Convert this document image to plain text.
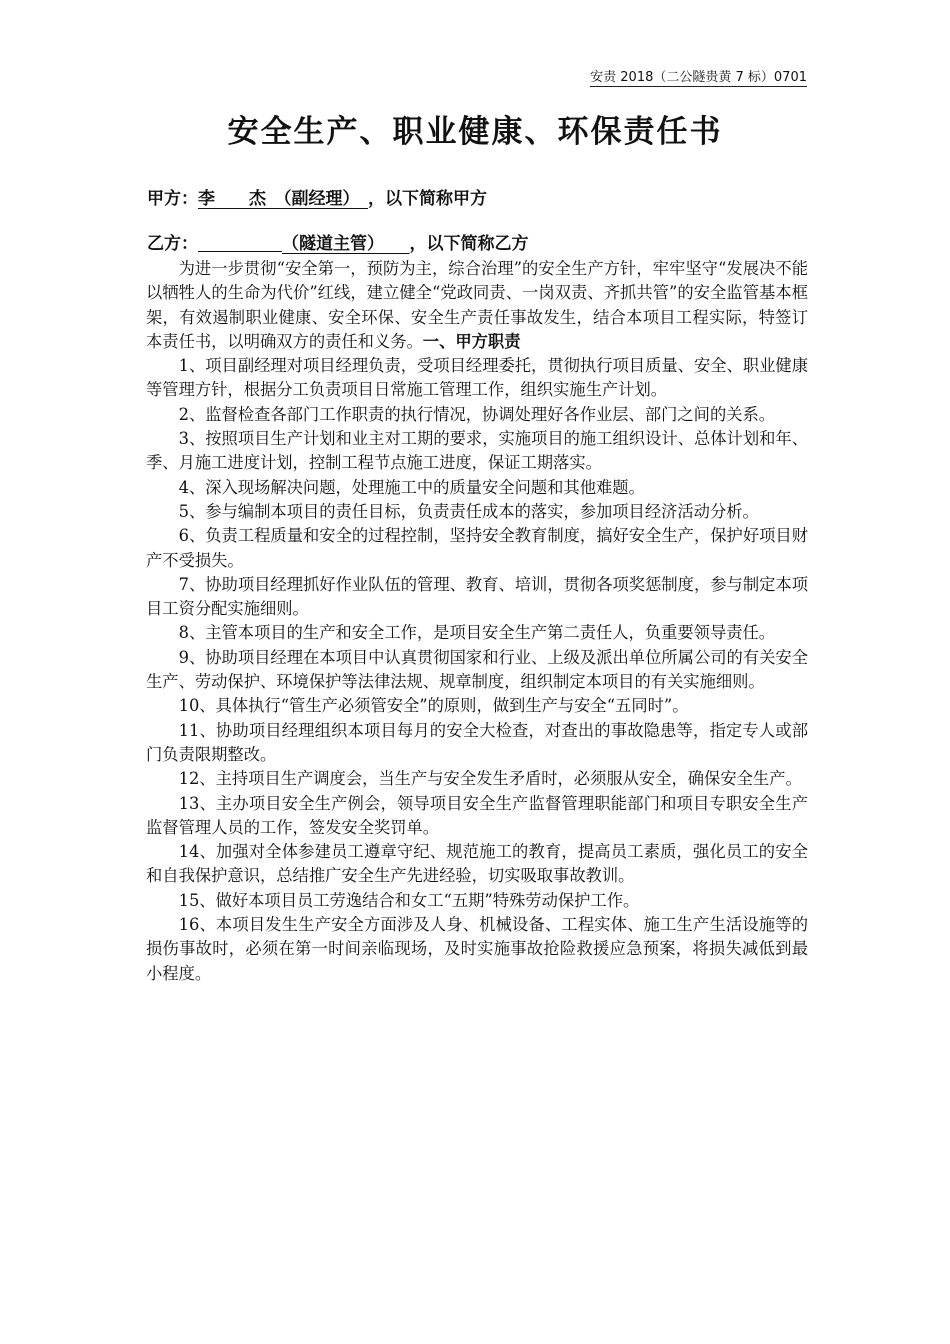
安责 2018（二公隧贵黄 7 标）0701
安全生产、职业健康、环保责任书
甲方：李　　杰　 （副经理）　 ，以下简称甲方
乙方：	（隧道主管）　　 ，以下简称乙方

为进一步贯彻“安全第一，预防为主，综合治理”的安全生产方针，牢牢坚守“发展决不能以牺牲人的生命为代价”红线，建立健全“党政同责、一岗双责、齐抓共管”的安全监管基本框架，有效遏制职业健康、安全环保、安全生产责任事故发生，结合本项目工程实际，特签订本责任书，以明确双方的责任和义务。一、甲方职责

1、项目副经理对项目经理负责，受项目经理委托，贯彻执行项目质量、安全、职业健康等管理方针，根据分工负责项目日常施工管理工作，组织实施生产计划。

2、监督检查各部门工作职责的执行情况，协调处理好各作业层、部门之间的关系。

3、按照项目生产计划和业主对工期的要求，实施项目的施工组织设计、总体计划和年、季、月施工进度计划，控制工程节点施工进度，保证工期落实。

4、深入现场解决问题，处理施工中的质量安全问题和其他难题。

5、参与编制本项目的责任目标，负责责任成本的落实，参加项目经济活动分析。

6、负责工程质量和安全的过程控制，坚持安全教育制度，搞好安全生产，保护好项目财产不受损失。

7、协助项目经理抓好作业队伍的管理、教育、培训，贯彻各项奖惩制度，参与制定本项目工资分配实施细则。

8、主管本项目的生产和安全工作，是项目安全生产第二责任人，负重要领导责任。

9、协助项目经理在本项目中认真贯彻国家和行业、上级及派出单位所属公司的有关安全生产、劳动保护、环境保护等法律法规、规章制度，组织制定本项目的有关实施细则。

10、具体执行“管生产必须管安全”的原则，做到生产与安全“五同时”。

11、协助项目经理组织本项目每月的安全大检查，对查出的事故隐患等，指定专人或部门负责限期整改。

12、主持项目生产调度会，当生产与安全发生矛盾时，必须服从安全，确保安全生产。

13、主办项目安全生产例会，领导项目安全生产监督管理职能部门和项目专职安全生产监督管理人员的工作，签发安全奖罚单。

14、加强对全体参建员工遵章守纪、规范施工的教育，提高员工素质，强化员工的安全和自我保护意识，总结推广安全生产先进经验，切实吸取事故教训。

15、做好本项目员工劳逸结合和女工“五期”特殊劳动保护工作。

16、本项目发生生产安全方面涉及人身、机械设备、工程实体、施工生产生活设施等的损伤事故时，必须在第一时间亲临现场，及时实施事故抢险救援应急预案，将损失减低到最小程度。
